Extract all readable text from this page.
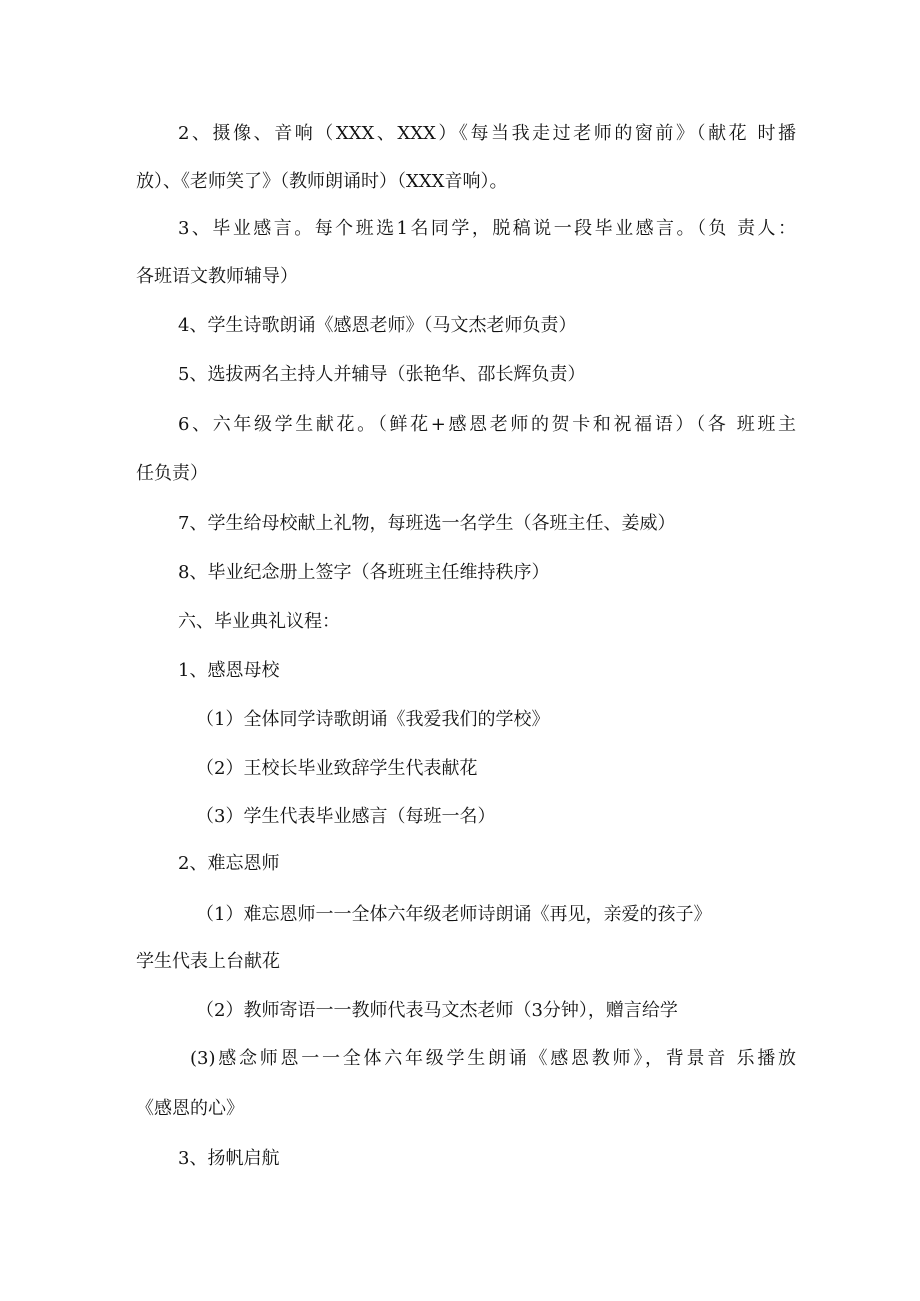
2、摄像、音响（XXX、XXX）《每当我走过老师的窗前》（献花 时播
放）、《老师笑了》（教师朗诵时）（XXX音响）。
3、毕业感言。每个班选1名同学，脱稿说一段毕业感言。（负 责人：
各班语文教师辅导）
4、学生诗歌朗诵《感恩老师》（马文杰老师负责）
5、选拔两名主持人并辅导（张艳华、邵长辉负责）
6、六年级学生献花。（鲜花+感恩老师的贺卡和祝福语）（各 班班主
任负责）
7、学生给母校献上礼物，每班选一名学生（各班主任、姜威）
8、毕业纪念册上签字（各班班主任维持秩序）
六、毕业典礼议程：
1、感恩母校
（1）全体同学诗歌朗诵《我爱我们的学校》
（2）王校长毕业致辞学生代表献花
（3）学生代表毕业感言（每班一名）
2、难忘恩师
（1）难忘恩师一一全体六年级老师诗朗诵《再见，亲爱的孩子》
学生代表上台献花
（2）教师寄语一一教师代表马文杰老师（3分钟），赠言给学
(3)感念师恩一一全体六年级学生朗诵《感恩教师》，背景音 乐播放
《感恩的心》
3、扬帆启航
